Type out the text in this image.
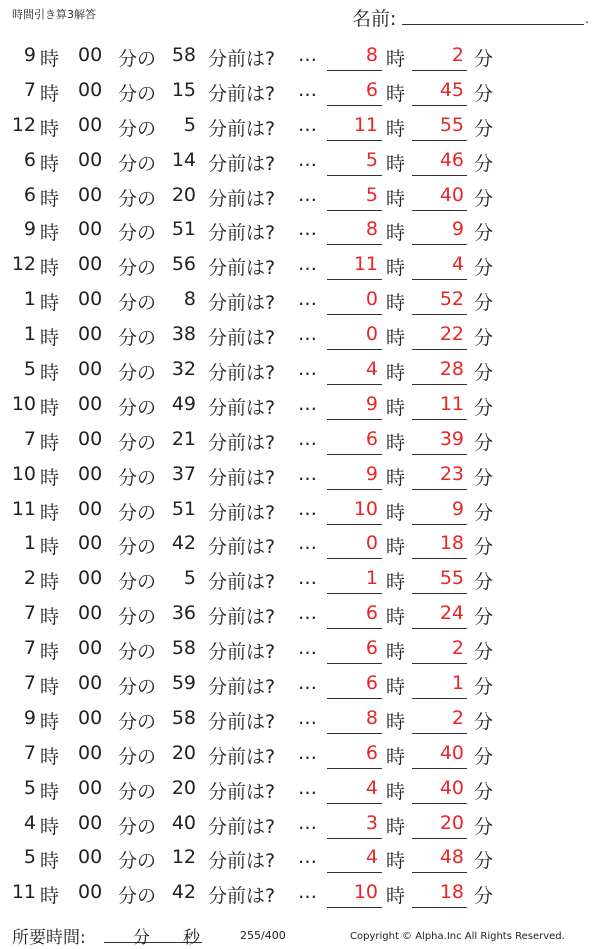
時間引き算3解答	名前:	.
9 時 00 分の 58 分前は? …	8 時	2 分
7 時 00 分の 15 分前は? …	6 時	45 分
12 時 00 分の	5 分前は? …	11 時	55 分
6 時 00 分の 14 分前は? …	5 時	46 分
6 時 00 分の 20 分前は? …	5 時	40 分
9 時 00 分の 51 分前は? …	8 時	9 分
12 時 00 分の 56 分前は? …	11 時	4 分
1 時 00 分の	8 分前は? …	0 時	52 分
1 時 00 分の 38 分前は? …	0 時	22 分
5 時 00 分の 32 分前は? …	4 時	28 分
10 時 00 分の 49 分前は? …	9 時	11 分
7 時 00 分の 21 分前は? …	6 時	39 分
10 時 00 分の 37 分前は? …	9 時	23 分
11 時 00 分の 51 分前は? …	10 時	9 分
1 時 00 分の 42 分前は? …	0 時	18 分
2 時 00 分の	5 分前は? …	1 時	55 分
7 時 00 分の 36 分前は? …	6 時	24 分
7 時 00 分の 58 分前は? …	6 時	2 分
7 時 00 分の 59 分前は? …	6 時	1 分
9 時 00 分の 58 分前は? …	8 時	2 分
7 時 00 分の 20 分前は? …	6 時	40 分
5 時 00 分の 20 分前は? …	4 時	40 分
4 時 00 分の 40 分前は? …	3 時	20 分
5 時 00 分の 12 分前は? …	4 時	48 分
11 時 00 分の 42 分前は? …	10 時	18 分
所要時間:	分 秒	255/400	Copyright © Alpha.Inc All Rights Reserved.
